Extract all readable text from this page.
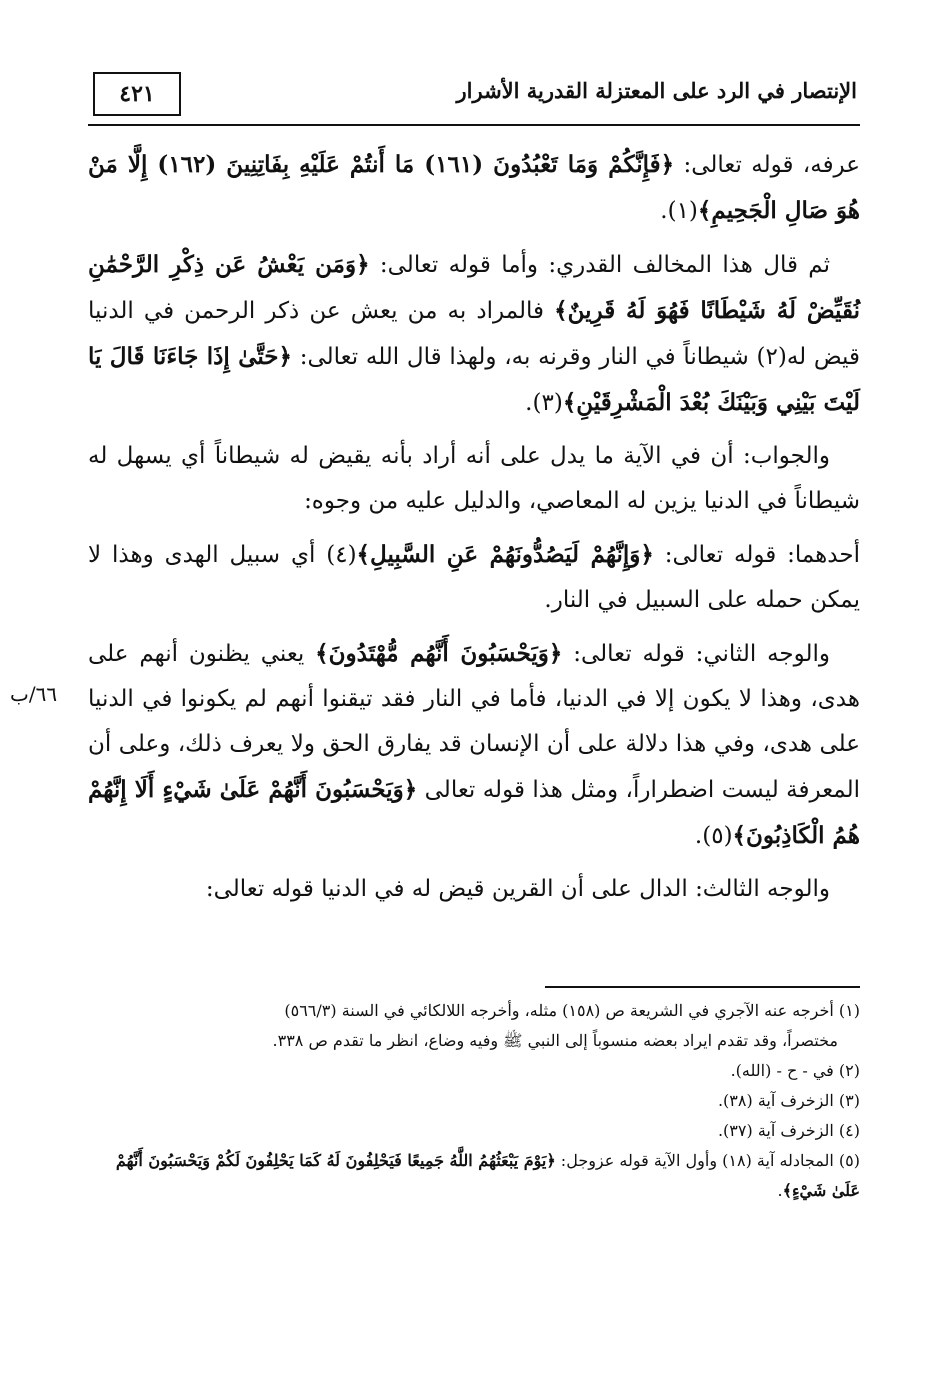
٤٢١	الإنتصار في الرد على المعتزلة القدرية الأشرار

عرفه، قوله تعالى: ﴿فَإِنَّكُمْ وَمَا تَعْبُدُونَ (١٦١) مَا أَنتُمْ عَلَيْهِ بِفَاتِنِينَ (١٦٢) إِلَّا مَنْ هُوَ صَالِ الْجَحِيمِ﴾(١).

ثم قال هذا المخالف القدري: وأما قوله تعالى: ﴿وَمَن يَعْشُ عَن ذِكْرِ الرَّحْمَٰنِ نُقَيِّضْ لَهُ شَيْطَانًا فَهُوَ لَهُ قَرِينٌ﴾ فالمراد به من يعش عن ذكر الرحمن في الدنيا قيض له(٢) شيطاناً في النار وقرنه به، ولهذا قال الله تعالى: ﴿حَتَّىٰ إِذَا جَاءَنَا قَالَ يَا لَيْتَ بَيْنِي وَبَيْنَكَ بُعْدَ الْمَشْرِقَيْنِ﴾(٣).

والجواب: أن في الآية ما يدل على أنه أراد بأنه يقيض له شيطاناً أي يسهل له شيطاناً في الدنيا يزين له المعاصي، والدليل عليه من وجوه:

أحدهما: قوله تعالى: ﴿وَإِنَّهُمْ لَيَصُدُّونَهُمْ عَنِ السَّبِيلِ﴾(٤) أي سبيل الهدى وهذا لا يمكن حمله على السبيل في النار.

والوجه الثاني: قوله تعالى: ﴿وَيَحْسَبُونَ أَنَّهُم مُّهْتَدُونَ﴾ يعني يظنون أنهم على هدى، وهذا لا يكون إلا في الدنيا، فأما في النار فقد تيقنوا أنهم لم يكونوا في الدنيا على هدى، وفي هذا دلالة على أن الإنسان قد يفارق الحق ولا يعرف ذلك، وعلى أن المعرفة ليست اضطراراً، ومثل هذا قوله تعالى ﴿وَيَحْسَبُونَ أَنَّهُمْ عَلَىٰ شَيْءٍ أَلَا إِنَّهُمْ هُمُ الْكَاذِبُونَ﴾(٥).

والوجه الثالث: الدال على أن القرين قيض له في الدنيا قوله تعالى:

٦٦/ب

(١) أخرجه عنه الآجري في الشريعة ص (١٥٨) مثله، وأخرجه اللالكائي في السنة (٥٦٦/٣)
مختصراً، وقد تقدم ايراد بعضه منسوباً إلى النبي ﷺ وفيه وضاع، انظر ما تقدم ص ٣٣٨.

(٢) في - ح - (الله).

(٣) الزخرف آية (٣٨).

(٤) الزخرف آية (٣٧).

(٥) المجادله آية (١٨) وأول الآية قوله عزوجل: ﴿يَوْمَ يَبْعَثُهُمُ اللَّهُ جَمِيعًا فَيَحْلِفُونَ لَهُ كَمَا يَحْلِفُونَ لَكُمْ وَيَحْسَبُونَ أَنَّهُمْ عَلَىٰ شَيْءٍ﴾.
